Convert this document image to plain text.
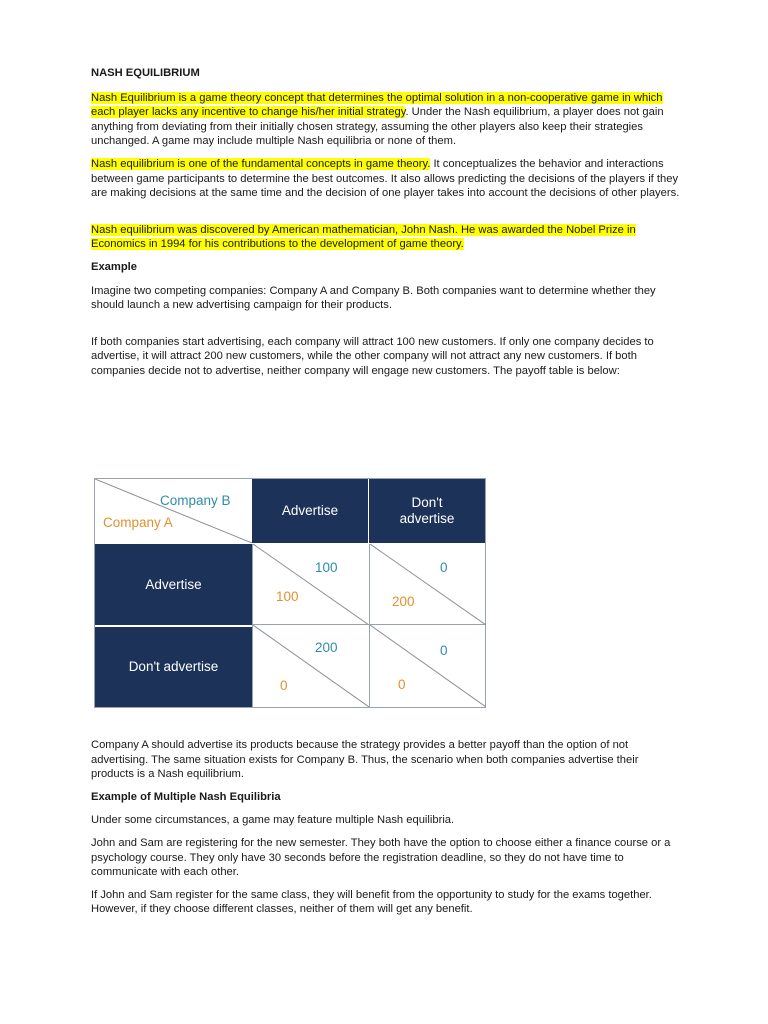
NASH EQUILIBRIUM

Nash Equilibrium is a game theory concept that determines the optimal solution in a non-cooperative game in which each player lacks any incentive to change his/her initial strategy. Under the Nash equilibrium, a player does not gain anything from deviating from their initially chosen strategy, assuming the other players also keep their strategies unchanged. A game may include multiple Nash equilibria or none of them.

Nash equilibrium is one of the fundamental concepts in game theory. It conceptualizes the behavior and interactions between game participants to determine the best outcomes. It also allows predicting the decisions of the players if they are making decisions at the same time and the decision of one player takes into account the decisions of other players.

Nash equilibrium was discovered by American mathematician, John Nash. He was awarded the Nobel Prize in Economics in 1994 for his contributions to the development of game theory.

Example

Imagine two competing companies: Company A and Company B. Both companies want to determine whether they should launch a new advertising campaign for their products.

If both companies start advertising, each company will attract 100 new customers. If only one company decides to advertise, it will attract 200 new customers, while the other company will not attract any new customers. If both companies decide not to advertise, neither company will engage new customers. The payoff table is below:

Company B
Company A
Advertise
Don't advertise
Advertise
100
100
0
200
Don't advertise
200
0
0
0

Company A should advertise its products because the strategy provides a better payoff than the option of not advertising. The same situation exists for Company B. Thus, the scenario when both companies advertise their products is a Nash equilibrium.

Example of Multiple Nash Equilibria

Under some circumstances, a game may feature multiple Nash equilibria.

John and Sam are registering for the new semester. They both have the option to choose either a finance course or a psychology course. They only have 30 seconds before the registration deadline, so they do not have time to communicate with each other.

If John and Sam register for the same class, they will benefit from the opportunity to study for the exams together. However, if they choose different classes, neither of them will get any benefit.
